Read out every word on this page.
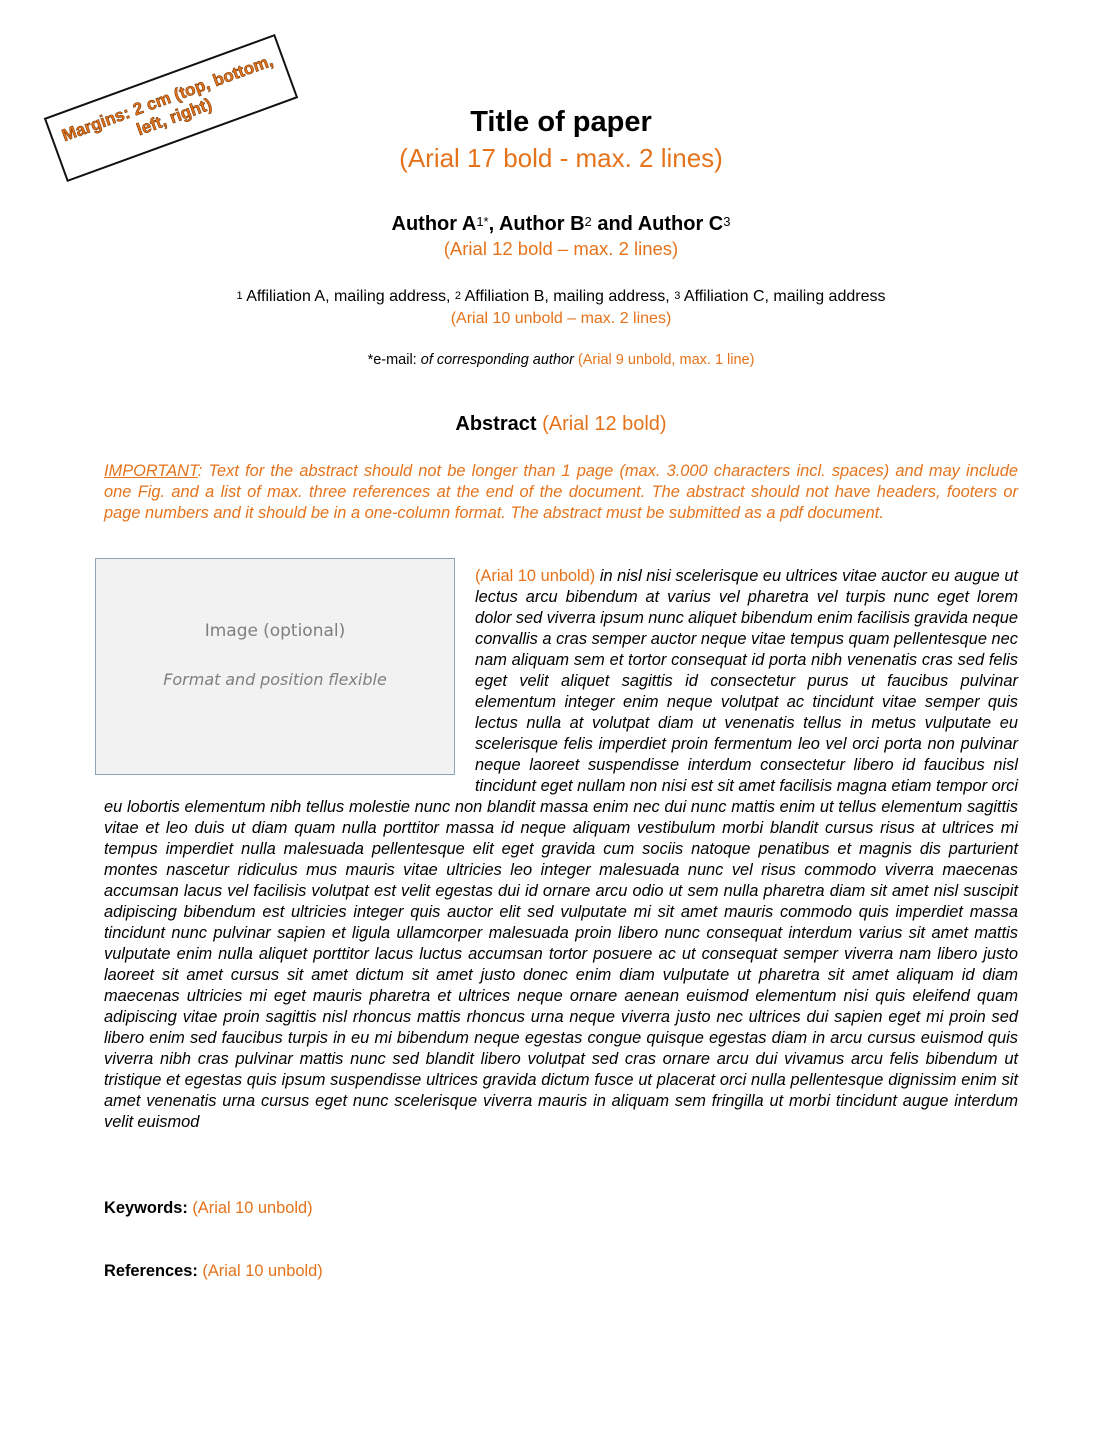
Margins: 2 cm (top, bottom, left, right)	Title of paper
(Arial 17 bold - max. 2 lines)
Author $A^{1*}$, Author $B^2$ and Author $C^3$
(Arial 12 bold – max. 2 lines)
$^1$ Affiliation A, mailing address, $^2$ Affiliation B, mailing address, $^3$ Affiliation C, mailing address
(Arial 10 unbold – max. 2 lines)
*e-mail: of corresponding author (Arial 9 unbold, max. 1 line)
Abstract (Arial 12 bold)
IMPORTANT: Text for the abstract should not be longer than 1 page (max. 3.000 characters incl. spaces) and may include one Fig. and a list of max. three references at the end of the document. The abstract should not have headers, footers or page numbers and it should be in a one-column format. The abstract must be submitted as a pdf document.
Image (optional)
Format and position flexible
(Arial 10 unbold) in nisl nisi scelerisque eu ultrices vitae auctor eu augue ut lectus arcu bibendum at varius vel pharetra vel turpis nunc eget lorem dolor sed viverra ipsum nunc aliquet bibendum enim facilisis gravida neque convallis a cras semper auctor neque vitae tempus quam pellentesque nec nam aliquam sem et tortor consequat id porta nibh venenatis cras sed felis eget velit aliquet sagittis id consectetur purus ut faucibus pulvinar elementum integer enim neque volutpat ac tincidunt vitae semper quis lectus nulla at volutpat diam ut venenatis tellus in metus vulputate eu scelerisque felis imperdiet proin fermentum leo vel orci porta non pulvinar neque laoreet suspendisse interdum consectetur libero id faucibus nisl tincidunt eget nullam non nisi est sit amet facilisis magna etiam tempor orci eu lobortis elementum nibh tellus molestie nunc non blandit massa enim nec dui nunc mattis enim ut tellus elementum sagittis vitae et leo duis ut diam quam nulla porttitor massa id neque aliquam vestibulum morbi blandit cursus risus at ultrices mi tempus imperdiet nulla malesuada pellentesque elit eget gravida cum sociis natoque penatibus et magnis dis parturient montes nascetur ridiculus mus mauris vitae ultricies leo integer malesuada nunc vel risus commodo viverra maecenas accumsan lacus vel facilisis volutpat est velit egestas dui id ornare arcu odio ut sem nulla pharetra diam sit amet nisl suscipit adipiscing bibendum est ultricies integer quis auctor elit sed vulputate mi sit amet mauris commodo quis imperdiet massa tincidunt nunc pulvinar sapien et ligula ullamcorper malesuada proin libero nunc consequat interdum varius sit amet mattis vulputate enim nulla aliquet porttitor lacus luctus accumsan tortor posuere ac ut consequat semper viverra nam libero justo laoreet sit amet cursus sit amet dictum sit amet justo donec enim diam vulputate ut pharetra sit amet aliquam id diam maecenas ultricies mi eget mauris pharetra et ultrices neque ornare aenean euismod elementum nisi quis eleifend quam adipiscing vitae proin sagittis nisl rhoncus mattis rhoncus urna neque viverra justo nec ultrices dui sapien eget mi proin sed libero enim sed faucibus turpis in eu mi bibendum neque egestas congue quisque egestas diam in arcu cursus euismod quis viverra nibh cras pulvinar mattis nunc sed blandit libero volutpat sed cras ornare arcu dui vivamus arcu felis bibendum ut tristique et egestas quis ipsum suspendisse ultrices gravida dictum fusce ut placerat orci nulla pellentesque dignissim enim sit amet venenatis urna cursus eget nunc scelerisque viverra mauris in aliquam sem fringilla ut morbi tincidunt augue interdum velit euismod
Keywords: (Arial 10 unbold)
References: (Arial 10 unbold)
